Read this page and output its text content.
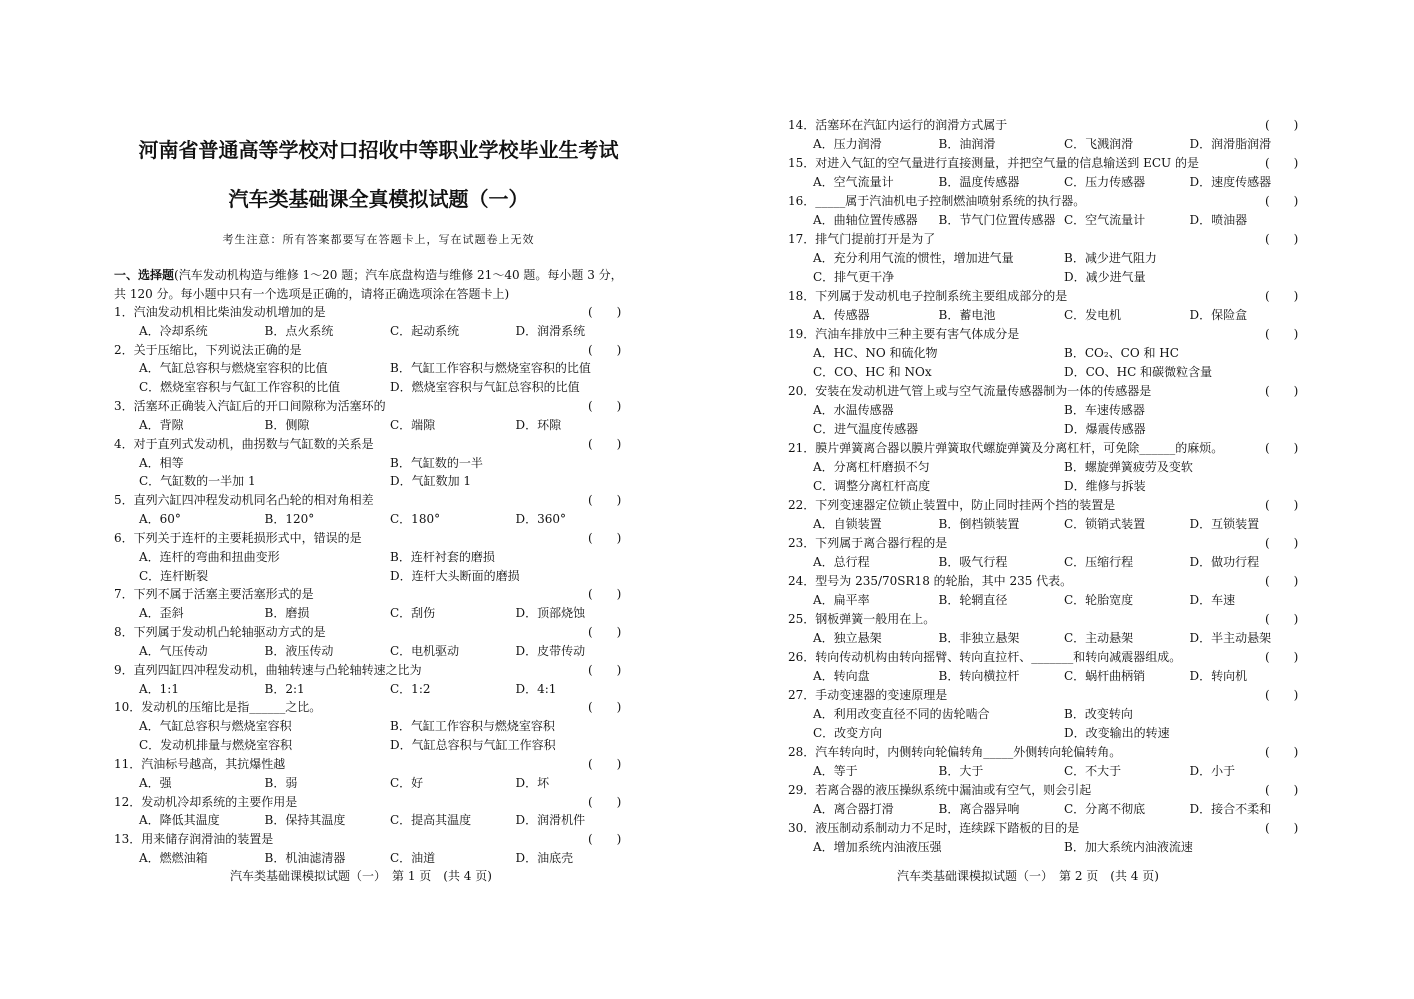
河南省普通高等学校对口招收中等职业学校毕业生考试
汽车类基础课全真模拟试题（一）
考生注意：所有答案都要写在答题卡上，写在试题卷上无效
一、选择题(汽车发动机构造与维修 1～20 题；汽车底盘构造与维修 21～40 题。每小题 3 分，
共 120 分。每小题中只有一个选项是正确的，请将正确选项涂在答题卡上)
1．汽油发动机相比柴油发动机增加的是	(　　)
A．冷却系统	B．点火系统	C．起动系统	D．润滑系统
2．关于压缩比，下列说法正确的是	(　　)
A．气缸总容积与燃烧室容积的比值	B．气缸工作容积与燃烧室容积的比值
C．燃烧室容积与气缸工作容积的比值	D．燃烧室容积与气缸总容积的比值
3．活塞环正确装入汽缸后的开口间隙称为活塞环的	(　　)
A．背隙	B．侧隙	C．端隙	D．环隙
4．对于直列式发动机，曲拐数与气缸数的关系是	(　　)
A．相等	B．气缸数的一半
C．气缸数的一半加 1	D．气缸数加 1
5．直列六缸四冲程发动机同名凸轮的相对角相差	(　　)
A．60°	B．120°	C．180°	D．360°
6．下列关于连杆的主要耗损形式中，错误的是	(　　)
A．连杆的弯曲和扭曲变形	B．连杆衬套的磨损
C．连杆断裂	D．连杆大头断面的磨损
7．下列不属于活塞主要活塞形式的是	(　　)
A．歪斜	B．磨损	C．刮伤	D．顶部烧蚀
8．下列属于发动机凸轮轴驱动方式的是	(　　)
A．气压传动	B．液压传动	C．电机驱动	D．皮带传动
9．直列四缸四冲程发动机，曲轴转速与凸轮轴转速之比为	(　　)
A．1:1	B．2:1	C．1:2	D．4:1
10．发动机的压缩比是指______之比。	(　　)
A．气缸总容积与燃烧室容积	B．气缸工作容积与燃烧室容积
C．发动机排量与燃烧室容积	D．气缸总容积与气缸工作容积
11．汽油标号越高，其抗爆性越	(　　)
A．强	B．弱	C．好	D．坏
12．发动机冷却系统的主要作用是	(　　)
A．降低其温度	B．保持其温度	C．提高其温度	D．润滑机件
13．用来储存润滑油的装置是	(　　)
A．燃燃油箱	B．机油滤清器	C．油道	D．油底壳
汽车类基础课模拟试题（一）　第 1 页　(共 4 页)
14．活塞环在汽缸内运行的润滑方式属于	(　　)
A．压力润滑	B．油润滑	C．飞溅润滑	D．润滑脂润滑
15．对进入气缸的空气量进行直接测量，并把空气量的信息输送到 ECU 的是	(　　)
A．空气流量计	B．温度传感器	C．压力传感器	D．速度传感器
16．_____属于汽油机电子控制燃油喷射系统的执行器。	(　　)
A．曲轴位置传感器 B．节气门位置传感器 C．空气流量计	D．喷油器
17．排气门提前打开是为了	(　　)
A．充分利用气流的惯性，增加进气量	B．减少进气阻力
C．排气更干净	D．减少进气量
18．下列属于发动机电子控制系统主要组成部分的是	(　　)
A．传感器	B．蓄电池	C．发电机	D．保险盒
19．汽油车排放中三种主要有害气体成分是	(　　)
A．HC、NO 和硫化物	B．CO₂、CO 和 HC
C．CO、HC 和 NOx	D．CO、HC 和碳微粒含量
20．安装在发动机进气管上或与空气流量传感器制为一体的传感器是	(　　)
A．水温传感器	B．车速传感器
C．进气温度传感器	D．爆震传感器
21．膜片弹簧离合器以膜片弹簧取代螺旋弹簧及分离杠杆，可免除______的麻烦。	(　　)
A．分离杠杆磨损不匀	B．螺旋弹簧疲劳及变软
C．调整分离杠杆高度	D．维修与拆装
22．下列变速器定位锁止装置中，防止同时挂两个挡的装置是	(　　)
A．自锁装置	B．倒档锁装置	C．锁销式装置	D．互锁装置
23．下列属于离合器行程的是	(　　)
A．总行程	B．吸气行程	C．压缩行程	D．做功行程
24．型号为 235/70SR18 的轮胎，其中 235 代表。	(　　)
A．扁平率	B．轮辋直径	C．轮胎宽度	D．车速
25．钢板弹簧一般用在上。	(　　)
A．独立悬架	B．非独立悬架	C．主动悬架	D．半主动悬架
26．转向传动机构由转向摇臂、转向直拉杆、_______和转向减震器组成。	(　　)
A．转向盘	B．转向横拉杆	C．蜗杆曲柄销	D．转向机
27．手动变速器的变速原理是	(　　)
A．利用改变直径不同的齿轮啮合	B．改变转向
C．改变方向	D．改变输出的转速
28．汽车转向时，内侧转向轮偏转角_____外侧转向轮偏转角。	(　　)
A．等于	B．大于	C．不大于	D．小于
29．若离合器的液压操纵系统中漏油或有空气，则会引起	(　　)
A．离合器打滑	B．离合器异响	C．分离不彻底	D．接合不柔和
30．液压制动系制动力不足时，连续踩下踏板的目的是	(　　)
A．增加系统内油液压强	B．加大系统内油液流速
汽车类基础课模拟试题（一）　第 2 页　(共 4 页)
